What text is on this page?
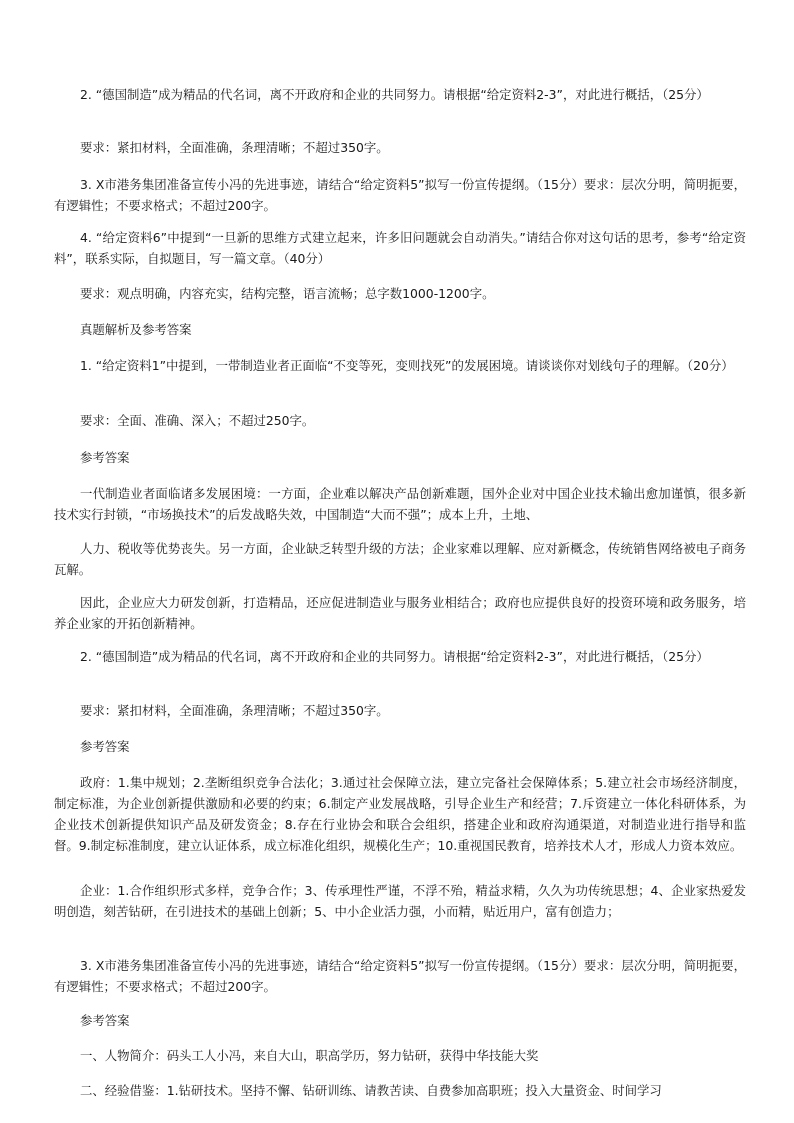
2. “德国制造”成为精品的代名词，离不开政府和企业的共同努力。请根据“给定资料2-3”，对此进行概括，（25分）

要求：紧扣材料，全面准确，条理清晰；不超过350字。

3. X市港务集团准备宣传小冯的先进事迹，请结合“给定资料5”拟写一份宣传提纲。（15分）要求：层次分明，简明扼要，有逻辑性；不要求格式；不超过200字。

4. “给定资料6”中提到“一旦新的思维方式建立起来，许多旧问题就会自动消失。”请结合你对这句话的思考，参考“给定资料”，联系实际，自拟题目，写一篇文章。（40分）

要求：观点明确，内容充实，结构完整，语言流畅；总字数1000-1200字。

真题解析及参考答案

1. “给定资料1”中提到，一带制造业者正面临“不变等死，变则找死”的发展困境。请谈谈你对划线句子的理解。（20分）

要求：全面、准确、深入；不超过250字。

参考答案

一代制造业者面临诸多发展困境：一方面，企业难以解决产品创新难题，国外企业对中国企业技术输出愈加谨慎，很多新技术实行封锁，“市场换技术”的后发战略失效，中国制造“大而不强”；成本上升，土地、

人力、税收等优势丧失。另一方面，企业缺乏转型升级的方法；企业家难以理解、应对新概念，传统销售网络被电子商务瓦解。

因此，企业应大力研发创新，打造精品，还应促进制造业与服务业相结合；政府也应提供良好的投资环境和政务服务，培养企业家的开拓创新精神。

2. “德国制造”成为精品的代名词，离不开政府和企业的共同努力。请根据“给定资料2-3”，对此进行概括，（25分）

要求：紧扣材料，全面准确，条理清晰；不超过350字。

参考答案

政府：1.集中规划；2.垄断组织竞争合法化；3.通过社会保障立法，建立完备社会保障体系；5.建立社会市场经济制度，制定标准，为企业创新提供激励和必要的约束；6.制定产业发展战略，引导企业生产和经营；7.斥资建立一体化科研体系，为企业技术创新提供知识产品及研发资金；8.存在行业协会和联合会组织，搭建企业和政府沟通渠道，对制造业进行指导和监督。9.制定标准制度，建立认证体系，成立标准化组织，规模化生产；10.重视国民教育，培养技术人才，形成人力资本效应。

企业：1.合作组织形式多样，竞争合作；3、传承理性严谨，不浮不殆，精益求精，久久为功传统思想；4、企业家热爱发明创造，刻苦钻研，在引进技术的基础上创新；5、中小企业活力强，小而精，贴近用户，富有创造力；

3. X市港务集团准备宣传小冯的先进事迹，请结合“给定资料5”拟写一份宣传提纲。（15分）要求：层次分明，简明扼要，有逻辑性；不要求格式；不超过200字。

参考答案

一、人物简介：码头工人小冯，来自大山，职高学历，努力钻研，获得中华技能大奖

二、经验借鉴：1.钻研技术。坚持不懈、钻研训练、请教苦读、自费参加高职班；投入大量资金、时间学习
